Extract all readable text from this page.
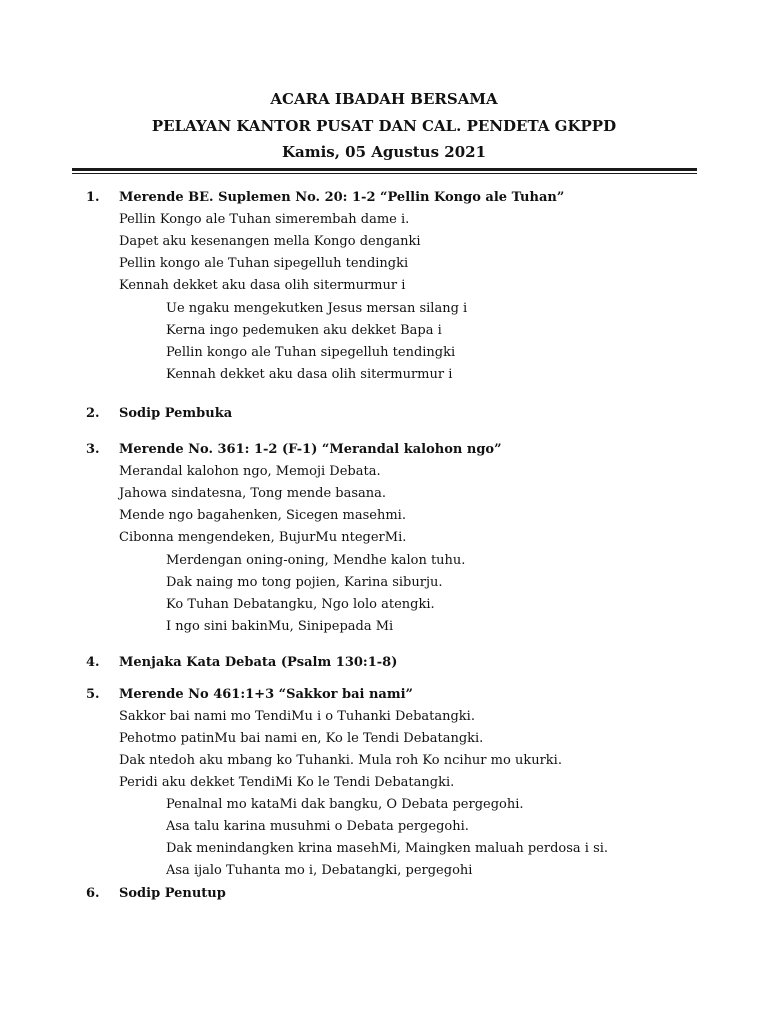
ACARA IBADAH BERSAMA
PELAYAN KANTOR PUSAT DAN CAL. PENDETA GKPPD
Kamis, 05 Agustus 2021
1. Merende BE. Suplemen No. 20: 1-2 “Pellin Kongo ale Tuhan”
Pellin Kongo ale Tuhan simerembah dame i.
Dapet aku kesenangen mella Kongo denganki
Pellin kongo ale Tuhan sipegelluh tendingki
Kennah dekket aku dasa olih sitermurmur i
Ue ngaku mengekutken Jesus mersan silang i
Kerna ingo pedemuken aku dekket Bapa i
Pellin kongo ale Tuhan sipegelluh tendingki
Kennah dekket aku dasa olih sitermurmur i
2. Sodip Pembuka
3. Merende No. 361: 1-2 (F-1) “Merandal kalohon ngo”
Merandal kalohon ngo, Memoji Debata.
Jahowa sindatesna, Tong mende basana.
Mende ngo bagahenken, Sicegen masehmi.
Cibonna mengendeken, BujurMu ntegerMi.
Merdengan oning-oning, Mendhe kalon tuhu.
Dak naing mo tong pojien, Karina siburju.
Ko Tuhan Debatangku, Ngo lolo atengki.
I ngo sini bakinMu, Sinipepada Mi
4. Menjaka Kata Debata (Psalm 130:1-8)
5. Merende No 461:1+3 “Sakkor bai nami”
Sakkor bai nami mo TendiMu i o Tuhanki Debatangki.
Pehotmo patinMu bai nami en, Ko le Tendi Debatangki.
Dak ntedoh aku mbang ko Tuhanki. Mula roh Ko ncihur mo ukurki.
Peridi aku dekket TendiMi Ko le Tendi Debatangki.
Penalnal mo kataMi dak bangku, O Debata pergegohi.
Asa talu karina musuhmi o Debata pergegohi.
Dak menindangken krina masehMi, Maingken maluah perdosa i si.
Asa ijalo Tuhanta mo i, Debatangki, pergegohi
6. Sodip Penutup
